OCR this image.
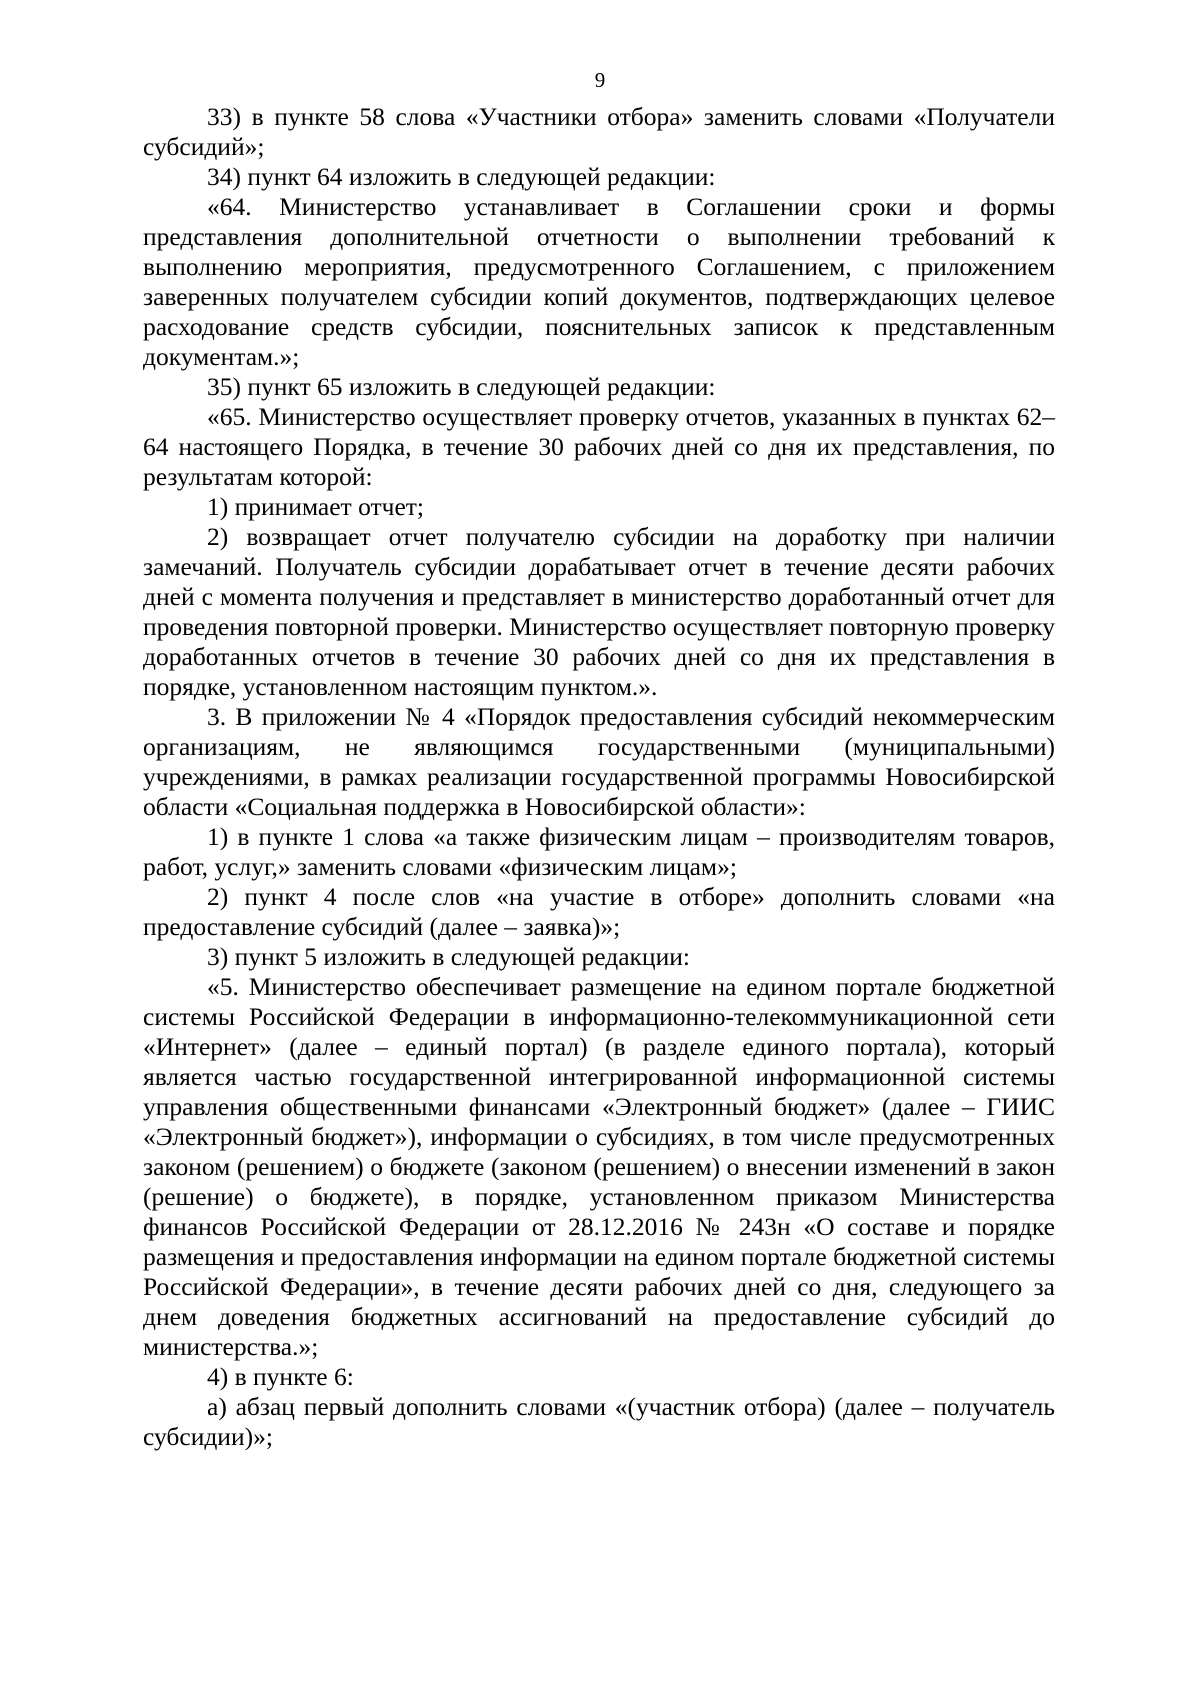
9

33) в пункте 58 слова «Участники отбора» заменить словами «Получатели субсидий»;

34) пункт 64 изложить в следующей редакции:

«64. Министерство устанавливает в Соглашении сроки и формы представления дополнительной отчетности о выполнении требований к выполнению мероприятия, предусмотренного Соглашением, с приложением заверенных получателем субсидии копий документов, подтверждающих целевое расходование средств субсидии, пояснительных записок к представленным документам.»;

35) пункт 65 изложить в следующей редакции:

«65. Министерство осуществляет проверку отчетов, указанных в пунктах 62–64 настоящего Порядка, в течение 30 рабочих дней со дня их представления, по результатам которой:

1) принимает отчет;

2) возвращает отчет получателю субсидии на доработку при наличии замечаний. Получатель субсидии дорабатывает отчет в течение десяти рабочих дней с момента получения и представляет в министерство доработанный отчет для проведения повторной проверки. Министерство осуществляет повторную проверку доработанных отчетов в течение 30 рабочих дней со дня их представления в порядке, установленном настоящим пунктом.».

3. В приложении № 4 «Порядок предоставления субсидий некоммерческим организациям, не являющимся государственными (муниципальными) учреждениями, в рамках реализации государственной программы Новосибирской области «Социальная поддержка в Новосибирской области»:

1) в пункте 1 слова «а также физическим лицам – производителям товаров, работ, услуг,» заменить словами «физическим лицам»;

2) пункт 4 после слов «на участие в отборе» дополнить словами «на предоставление субсидий (далее – заявка)»;

3) пункт 5 изложить в следующей редакции:

«5. Министерство обеспечивает размещение на едином портале бюджетной системы Российской Федерации в информационно-телекоммуникационной сети «Интернет» (далее – единый портал) (в разделе единого портала), который является частью государственной интегрированной информационной системы управления общественными финансами «Электронный бюджет» (далее – ГИИС «Электронный бюджет»), информации о субсидиях, в том числе предусмотренных законом (решением) о бюджете (законом (решением) о внесении изменений в закон (решение) о бюджете), в порядке, установленном приказом Министерства финансов Российской Федерации от 28.12.2016 № 243н «О составе и порядке размещения и предоставления информации на едином портале бюджетной системы Российской Федерации», в течение десяти рабочих дней со дня, следующего за днем доведения бюджетных ассигнований на предоставление субсидий до министерства.»;

4) в пункте 6:

а) абзац первый дополнить словами «(участник отбора) (далее – получатель субсидии)»;
